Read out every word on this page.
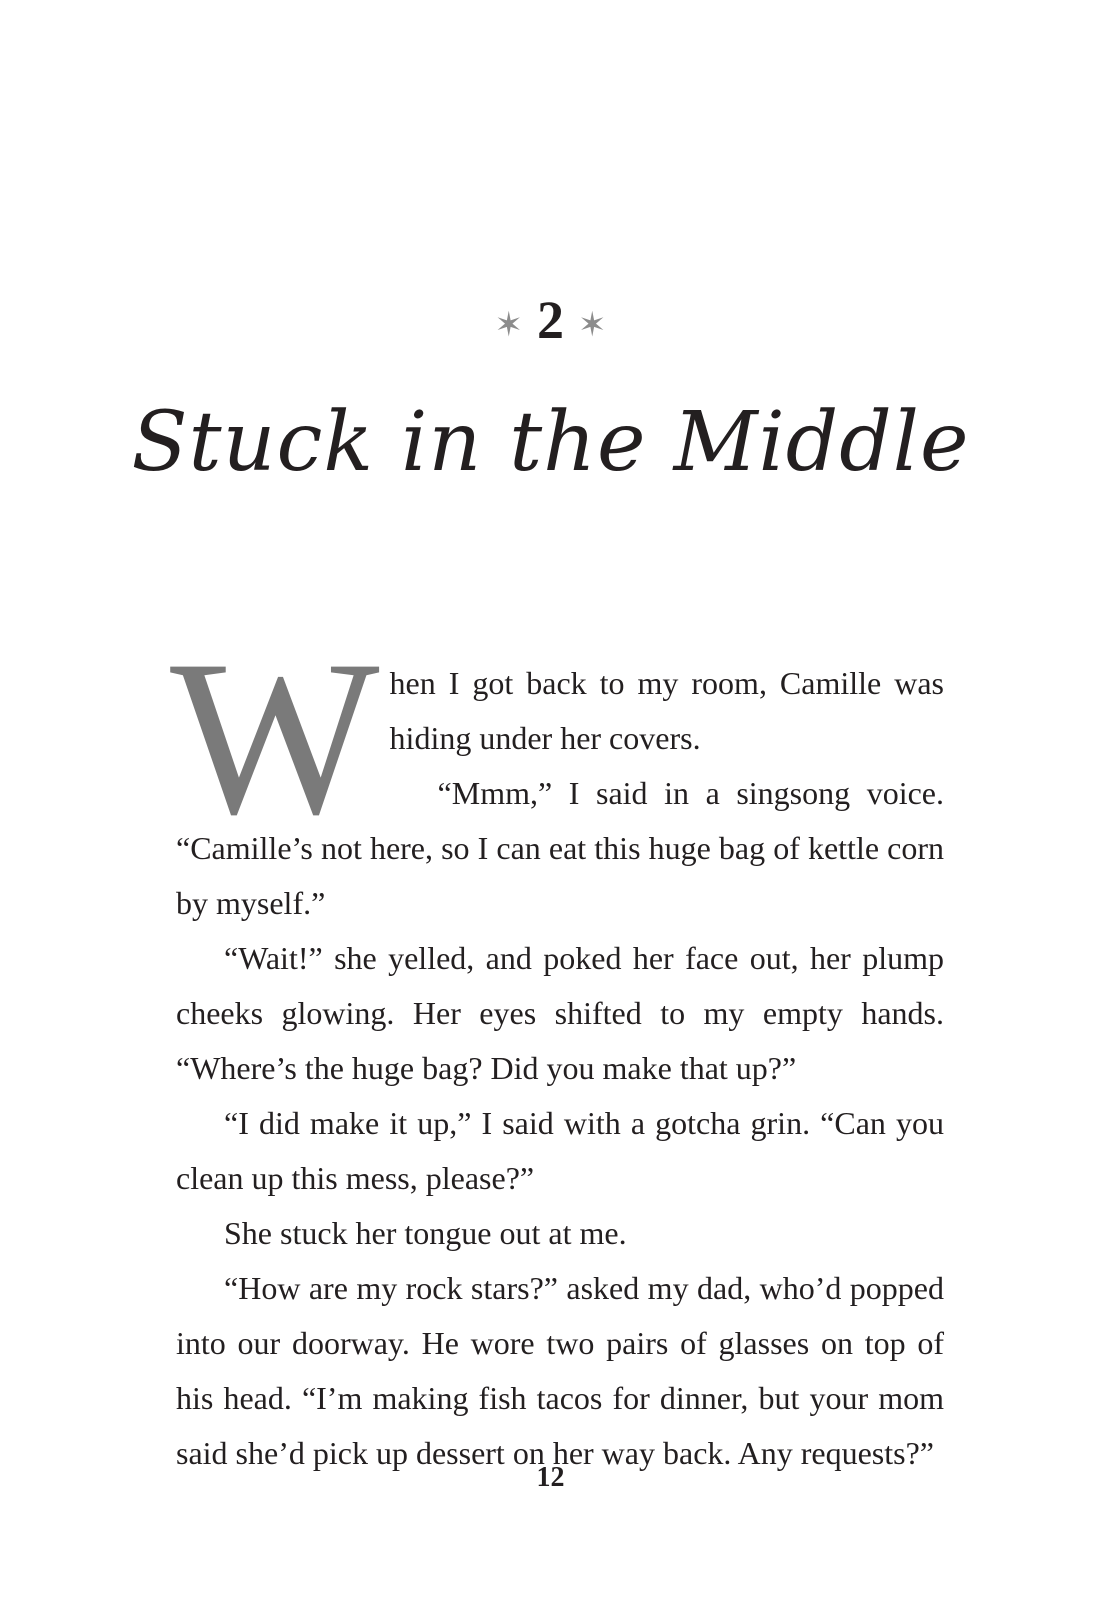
✶ 2 ✶
Stuck in the Middle

When I got back to my room, Camille was hiding under her covers.

“Mmm,” I said in a singsong voice. “Camille’s not here, so I can eat this huge bag of kettle corn by myself.”

“Wait!” she yelled, and poked her face out, her plump cheeks glowing. Her eyes shifted to my empty hands. “Where’s the huge bag? Did you make that up?”

“I did make it up,” I said with a gotcha grin. “Can you clean up this mess, please?”

She stuck her tongue out at me.

“How are my rock stars?” asked my dad, who’d popped into our doorway. He wore two pairs of glasses on top of his head. “I’m making fish tacos for dinner, but your mom said she’d pick up dessert on her way back. Any requests?”

12
